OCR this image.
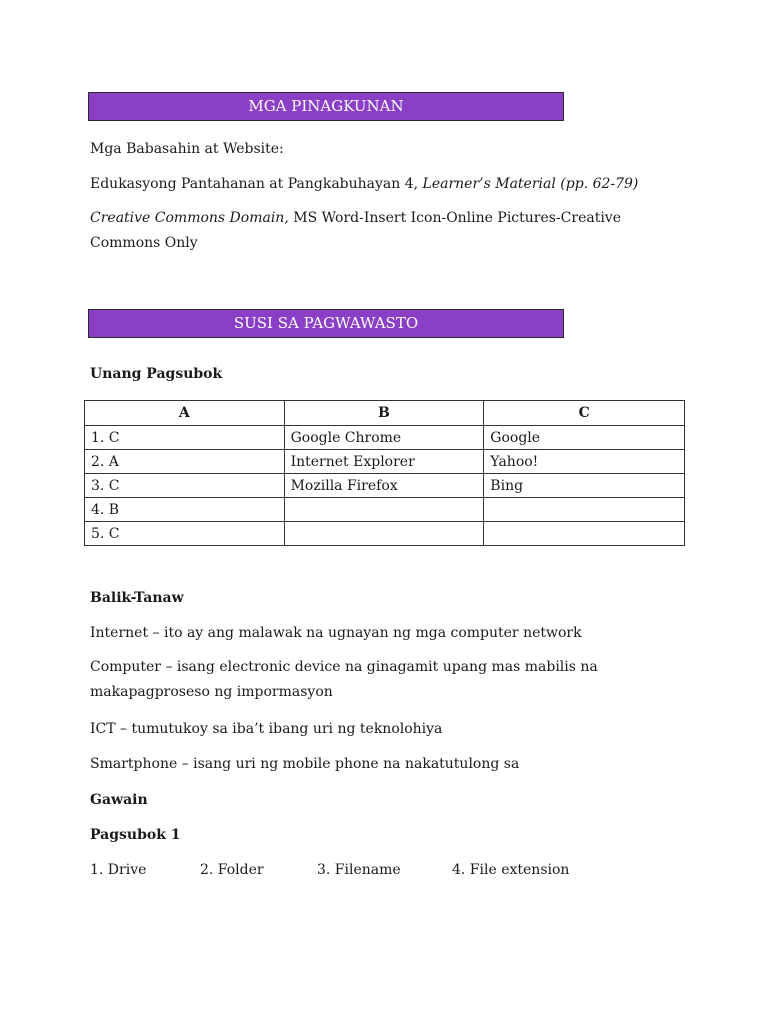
MGA PINAGKUNAN
Mga Babasahin at Website:
Edukasyong Pantahanan at Pangkabuhayan 4, Learner’s Material (pp. 62-79)
Creative Commons Domain, MS Word-Insert Icon-Online Pictures-Creative Commons Only
SUSI SA PAGWAWASTO
Unang Pagsubok
A	B	C
1. C	Google Chrome	Google
2. A	Internet Explorer	Yahoo!
3. C	Mozilla Firefox	Bing
4. B		
5. C		
Balik-Tanaw
Internet – ito ay ang malawak na ugnayan ng mga computer network
Computer – isang electronic device na ginagamit upang mas mabilis na makapagproseso ng impormasyon
ICT – tumutukoy sa iba’t ibang uri ng teknolohiya
Smartphone – isang uri ng mobile phone na nakatutulong sa
Gawain
Pagsubok 1
1. Drive	2. Folder	3. Filename	4. File extension
